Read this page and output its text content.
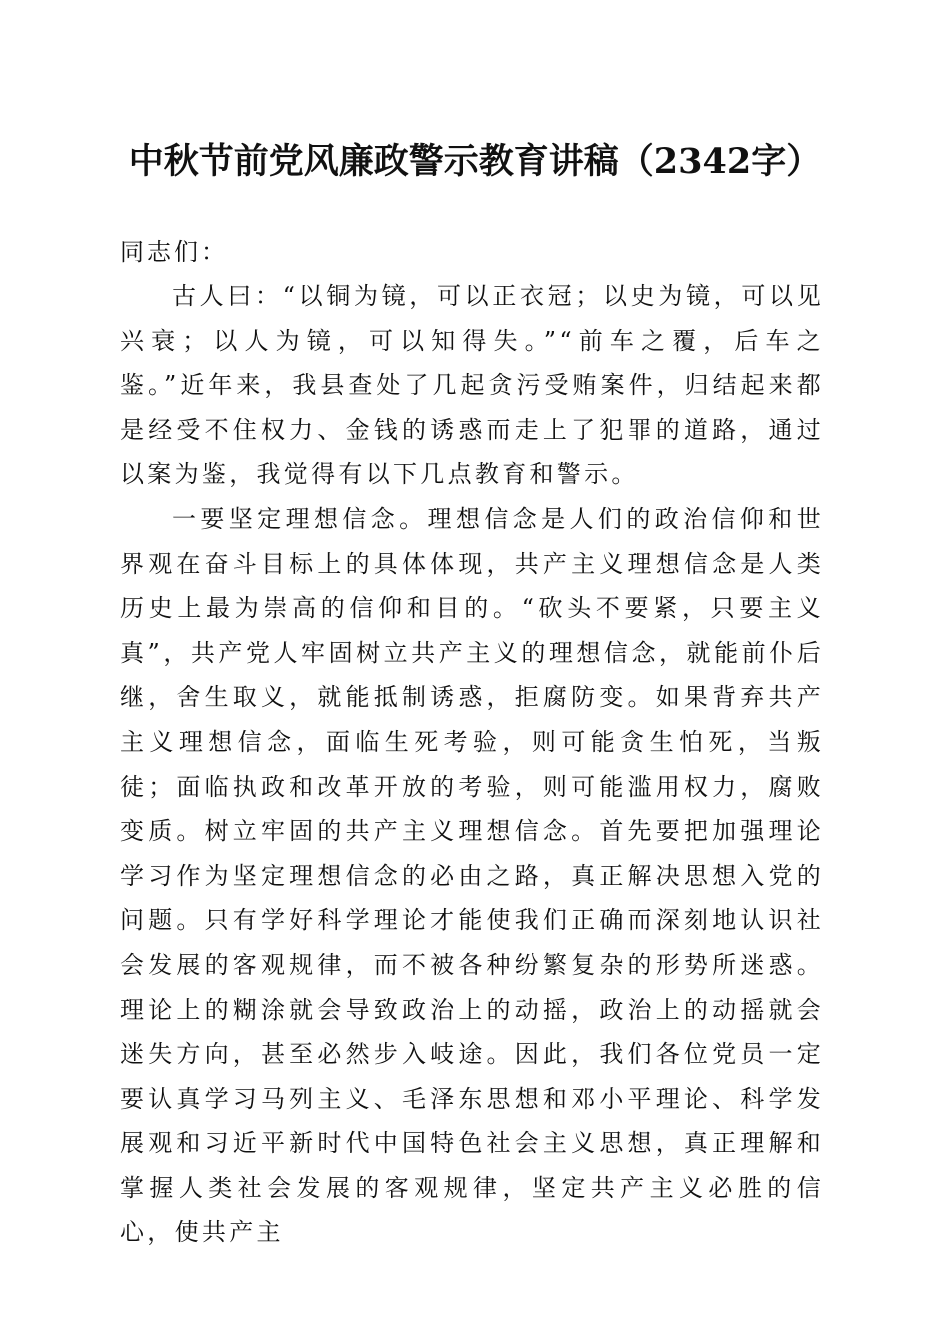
中秋节前党风廉政警示教育讲稿（2342字）

同志们：

古人曰：“以铜为镜，可以正衣冠；以史为镜，可以见兴衰；以人为镜，可以知得失。”“前车之覆，后车之鉴。”近年来，我县查处了几起贪污受贿案件，归结起来都是经受不住权力、金钱的诱惑而走上了犯罪的道路，通过以案为鉴，我觉得有以下几点教育和警示。

一要坚定理想信念。理想信念是人们的政治信仰和世界观在奋斗目标上的具体体现，共产主义理想信念是人类历史上最为崇高的信仰和目的。“砍头不要紧，只要主义真”，共产党人牢固树立共产主义的理想信念，就能前仆后继，舍生取义，就能抵制诱惑，拒腐防变。如果背弃共产主义理想信念，面临生死考验，则可能贪生怕死，当叛徒；面临执政和改革开放的考验，则可能滥用权力，腐败变质。树立牢固的共产主义理想信念。首先要把加强理论学习作为坚定理想信念的必由之路，真正解决思想入党的问题。只有学好科学理论才能使我们正确而深刻地认识社会发展的客观规律，而不被各种纷繁复杂的形势所迷惑。理论上的糊涂就会导致政治上的动摇，政治上的动摇就会迷失方向，甚至必然步入岐途。因此，我们各位党员一定要认真学习马列主义、毛泽东思想和邓小平理论、科学发展观和习近平新时代中国特色社会主义思想，真正理解和掌握人类社会发展的客观规律，坚定共产主义必胜的信心，使共产主
